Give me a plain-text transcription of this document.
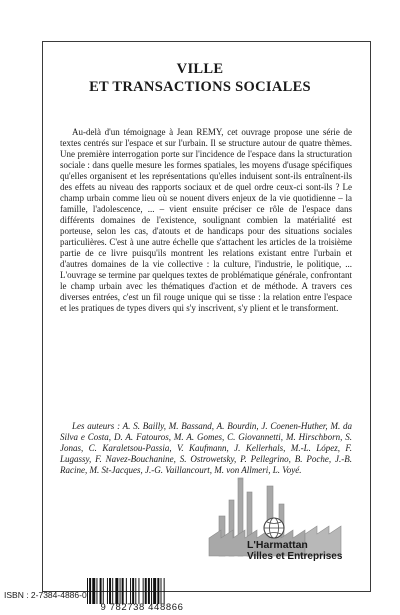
VILLE
ET TRANSACTIONS SOCIALES

Au-delà d'un témoignage à Jean REMY, cet ouvrage propose une série de textes centrés sur l'espace et sur l'urbain. Il se structure autour de quatre thèmes. Une première interrogation porte sur l'incidence de l'espace dans la structuration sociale : dans quelle mesure les formes spatiales, les moyens d'usage spécifiques qu'elles organisent et les représentations qu'elles induisent sont-ils entraînent-ils des effets au niveau des rapports sociaux et de quel ordre ceux-ci sont-ils ? Le champ urbain comme lieu où se nouent divers enjeux de la vie quotidienne – la famille, l'adolescence, ... – vient ensuite préciser ce rôle de l'espace dans différents domaines de l'existence, soulignant combien la matérialité est porteuse, selon les cas, d'atouts et de handicaps pour des situations sociales particulières. C'est à une autre échelle que s'attachent les articles de la troisième partie de ce livre puisqu'ils montrent les relations existant entre l'urbain et d'autres domaines de la vie collective : la culture, l'industrie, le politique, ... L'ouvrage se termine par quelques textes de problématique générale, confrontant le champ urbain avec les thématiques d'action et de méthode. A travers ces diverses entrées, c'est un fil rouge unique qui se tisse : la relation entre l'espace et les pratiques de types divers qui s'y inscrivent, s'y plient et le transforment.

Les auteurs : A. S. Bailly, M. Bassand, A. Bourdin, J. Coenen-Huther, M. da Silva e Costa, D. A. Fatouros, M. A. Gomes, C. Giovannetti, M. Hirschborn, S. Jonas, C. Karaletsou-Passia, V. Kaufmann, J. Kellerhals, M.-L. López, F. Lugassy, F. Navez-Bouchanine, S. Ostrowetsky, P. Pellegrino, B. Poche, J.-B. Racine, M. St-Jacques, J.-G. Vaillancourt, M. von Allmeri, L. Voyé.

L'Harmattan
Villes et Entreprises
ISBN : 2-7384-4886-0
9 782738 448866
